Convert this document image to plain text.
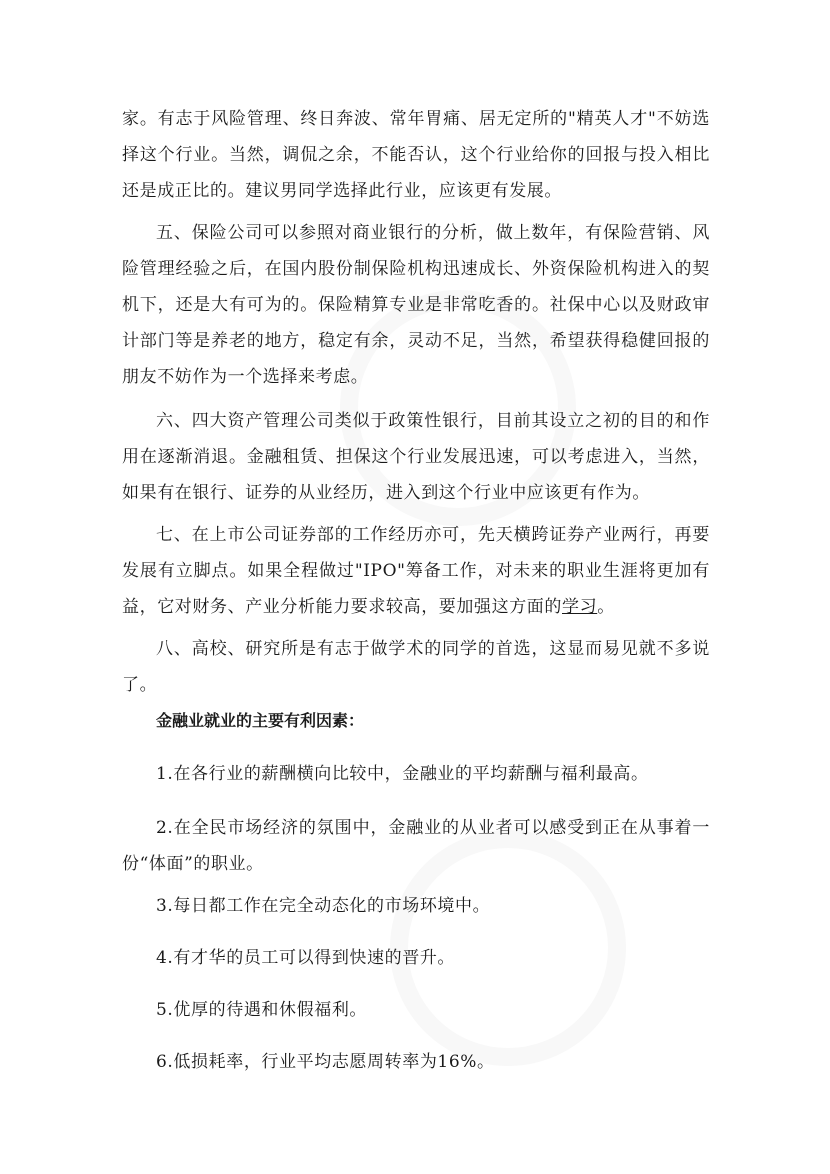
家。有志于风险管理、终日奔波、常年胃痛、居无定所的"精英人才"不妨选择这个行业。当然，调侃之余，不能否认，这个行业给你的回报与投入相比还是成正比的。建议男同学选择此行业，应该更有发展。

五、保险公司可以参照对商业银行的分析，做上数年，有保险营销、风险管理经验之后，在国内股份制保险机构迅速成长、外资保险机构进入的契机下，还是大有可为的。保险精算专业是非常吃香的。社保中心以及财政审计部门等是养老的地方，稳定有余，灵动不足，当然，希望获得稳健回报的朋友不妨作为一个选择来考虑。

六、四大资产管理公司类似于政策性银行，目前其设立之初的目的和作用在逐渐消退。金融租赁、担保这个行业发展迅速，可以考虑进入，当然，如果有在银行、证券的从业经历，进入到这个行业中应该更有作为。

七、在上市公司证券部的工作经历亦可，先天横跨证券产业两行，再要发展有立脚点。如果全程做过"IPO"筹备工作，对未来的职业生涯将更加有益，它对财务、产业分析能力要求较高，要加强这方面的学习。

八、高校、研究所是有志于做学术的同学的首选，这显而易见就不多说了。

金融业就业的主要有利因素：

1.在各行业的薪酬横向比较中，金融业的平均薪酬与福利最高。

2.在全民市场经济的氛围中，金融业的从业者可以感受到正在从事着一份“体面”的职业。

3.每日都工作在完全动态化的市场环境中。

4.有才华的员工可以得到快速的晋升。

5.优厚的待遇和休假福利。

6.低损耗率，行业平均志愿周转率为16%。
